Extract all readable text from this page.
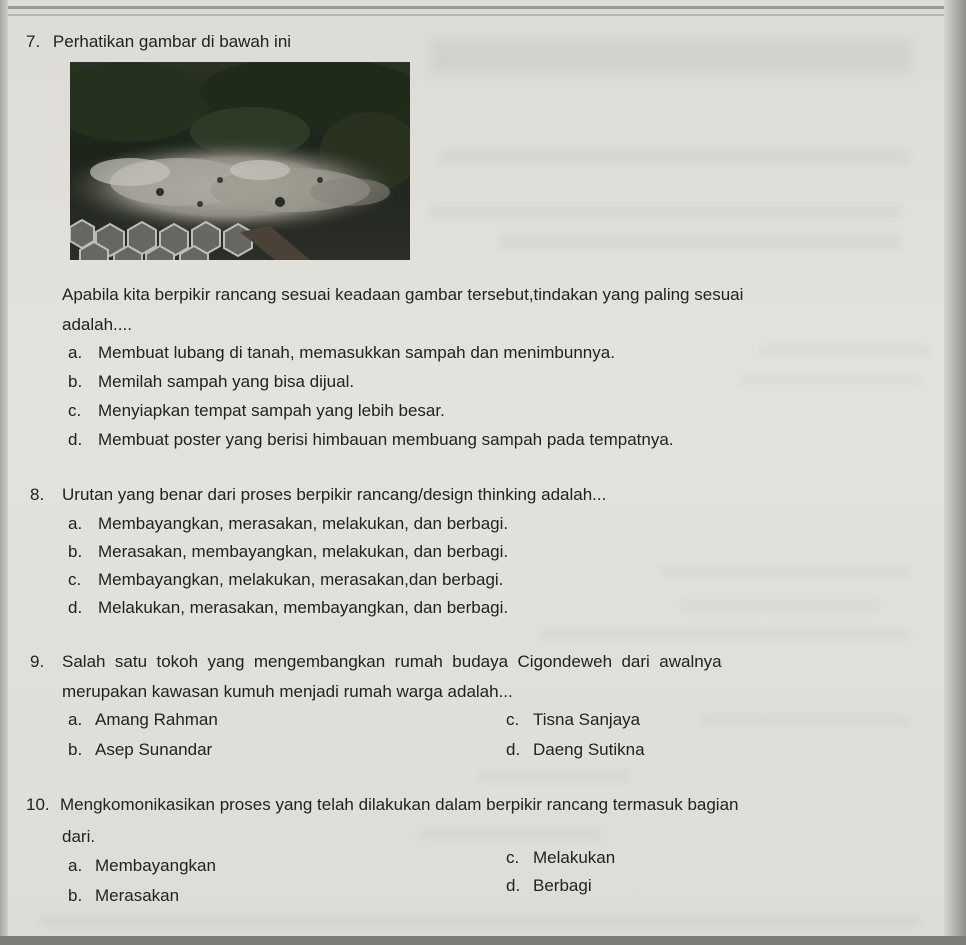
7. Perhatikan gambar di bawah ini
Apabila kita berpikir rancang sesuai keadaan gambar tersebut,tindakan yang paling sesuai
adalah....
a. Membuat lubang di tanah, memasukkan sampah dan menimbunnya.
b. Memilah sampah yang bisa dijual.
c. Menyiapkan tempat sampah yang lebih besar.
d. Membuat poster yang berisi himbauan membuang sampah pada tempatnya.
8. Urutan yang benar dari proses berpikir rancang/design thinking adalah...
a. Membayangkan, merasakan, melakukan, dan berbagi.
b. Merasakan, membayangkan, melakukan, dan berbagi.
c. Membayangkan, melakukan, merasakan,dan berbagi.
d. Melakukan, merasakan, membayangkan, dan berbagi.
9. Salah  satu  tokoh  yang  mengembangkan  rumah  budaya  Cigondeweh  dari  awalnya
merupakan kawasan kumuh menjadi rumah warga adalah...
a. Amang Rahman
b. Asep Sunandar
c. Tisna Sanjaya
d. Daeng Sutikna
10. Mengkomonikasikan proses yang telah dilakukan dalam berpikir rancang termasuk bagian
dari.
a. Membayangkan
b. Merasakan
c. Melakukan
d. Berbagi
